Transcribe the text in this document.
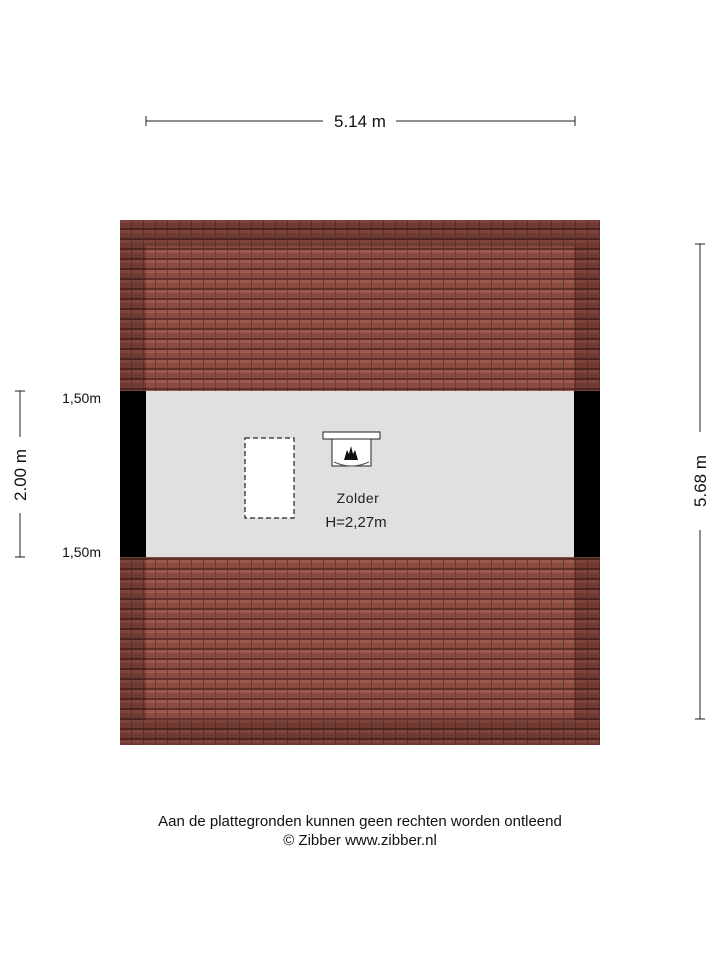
5.14 m
5.68 m
2.00 m
1,50m
1,50m
Zolder
H=2,27m
Aan de plattegronden kunnen geen rechten worden ontleend
© Zibber www.zibber.nl
